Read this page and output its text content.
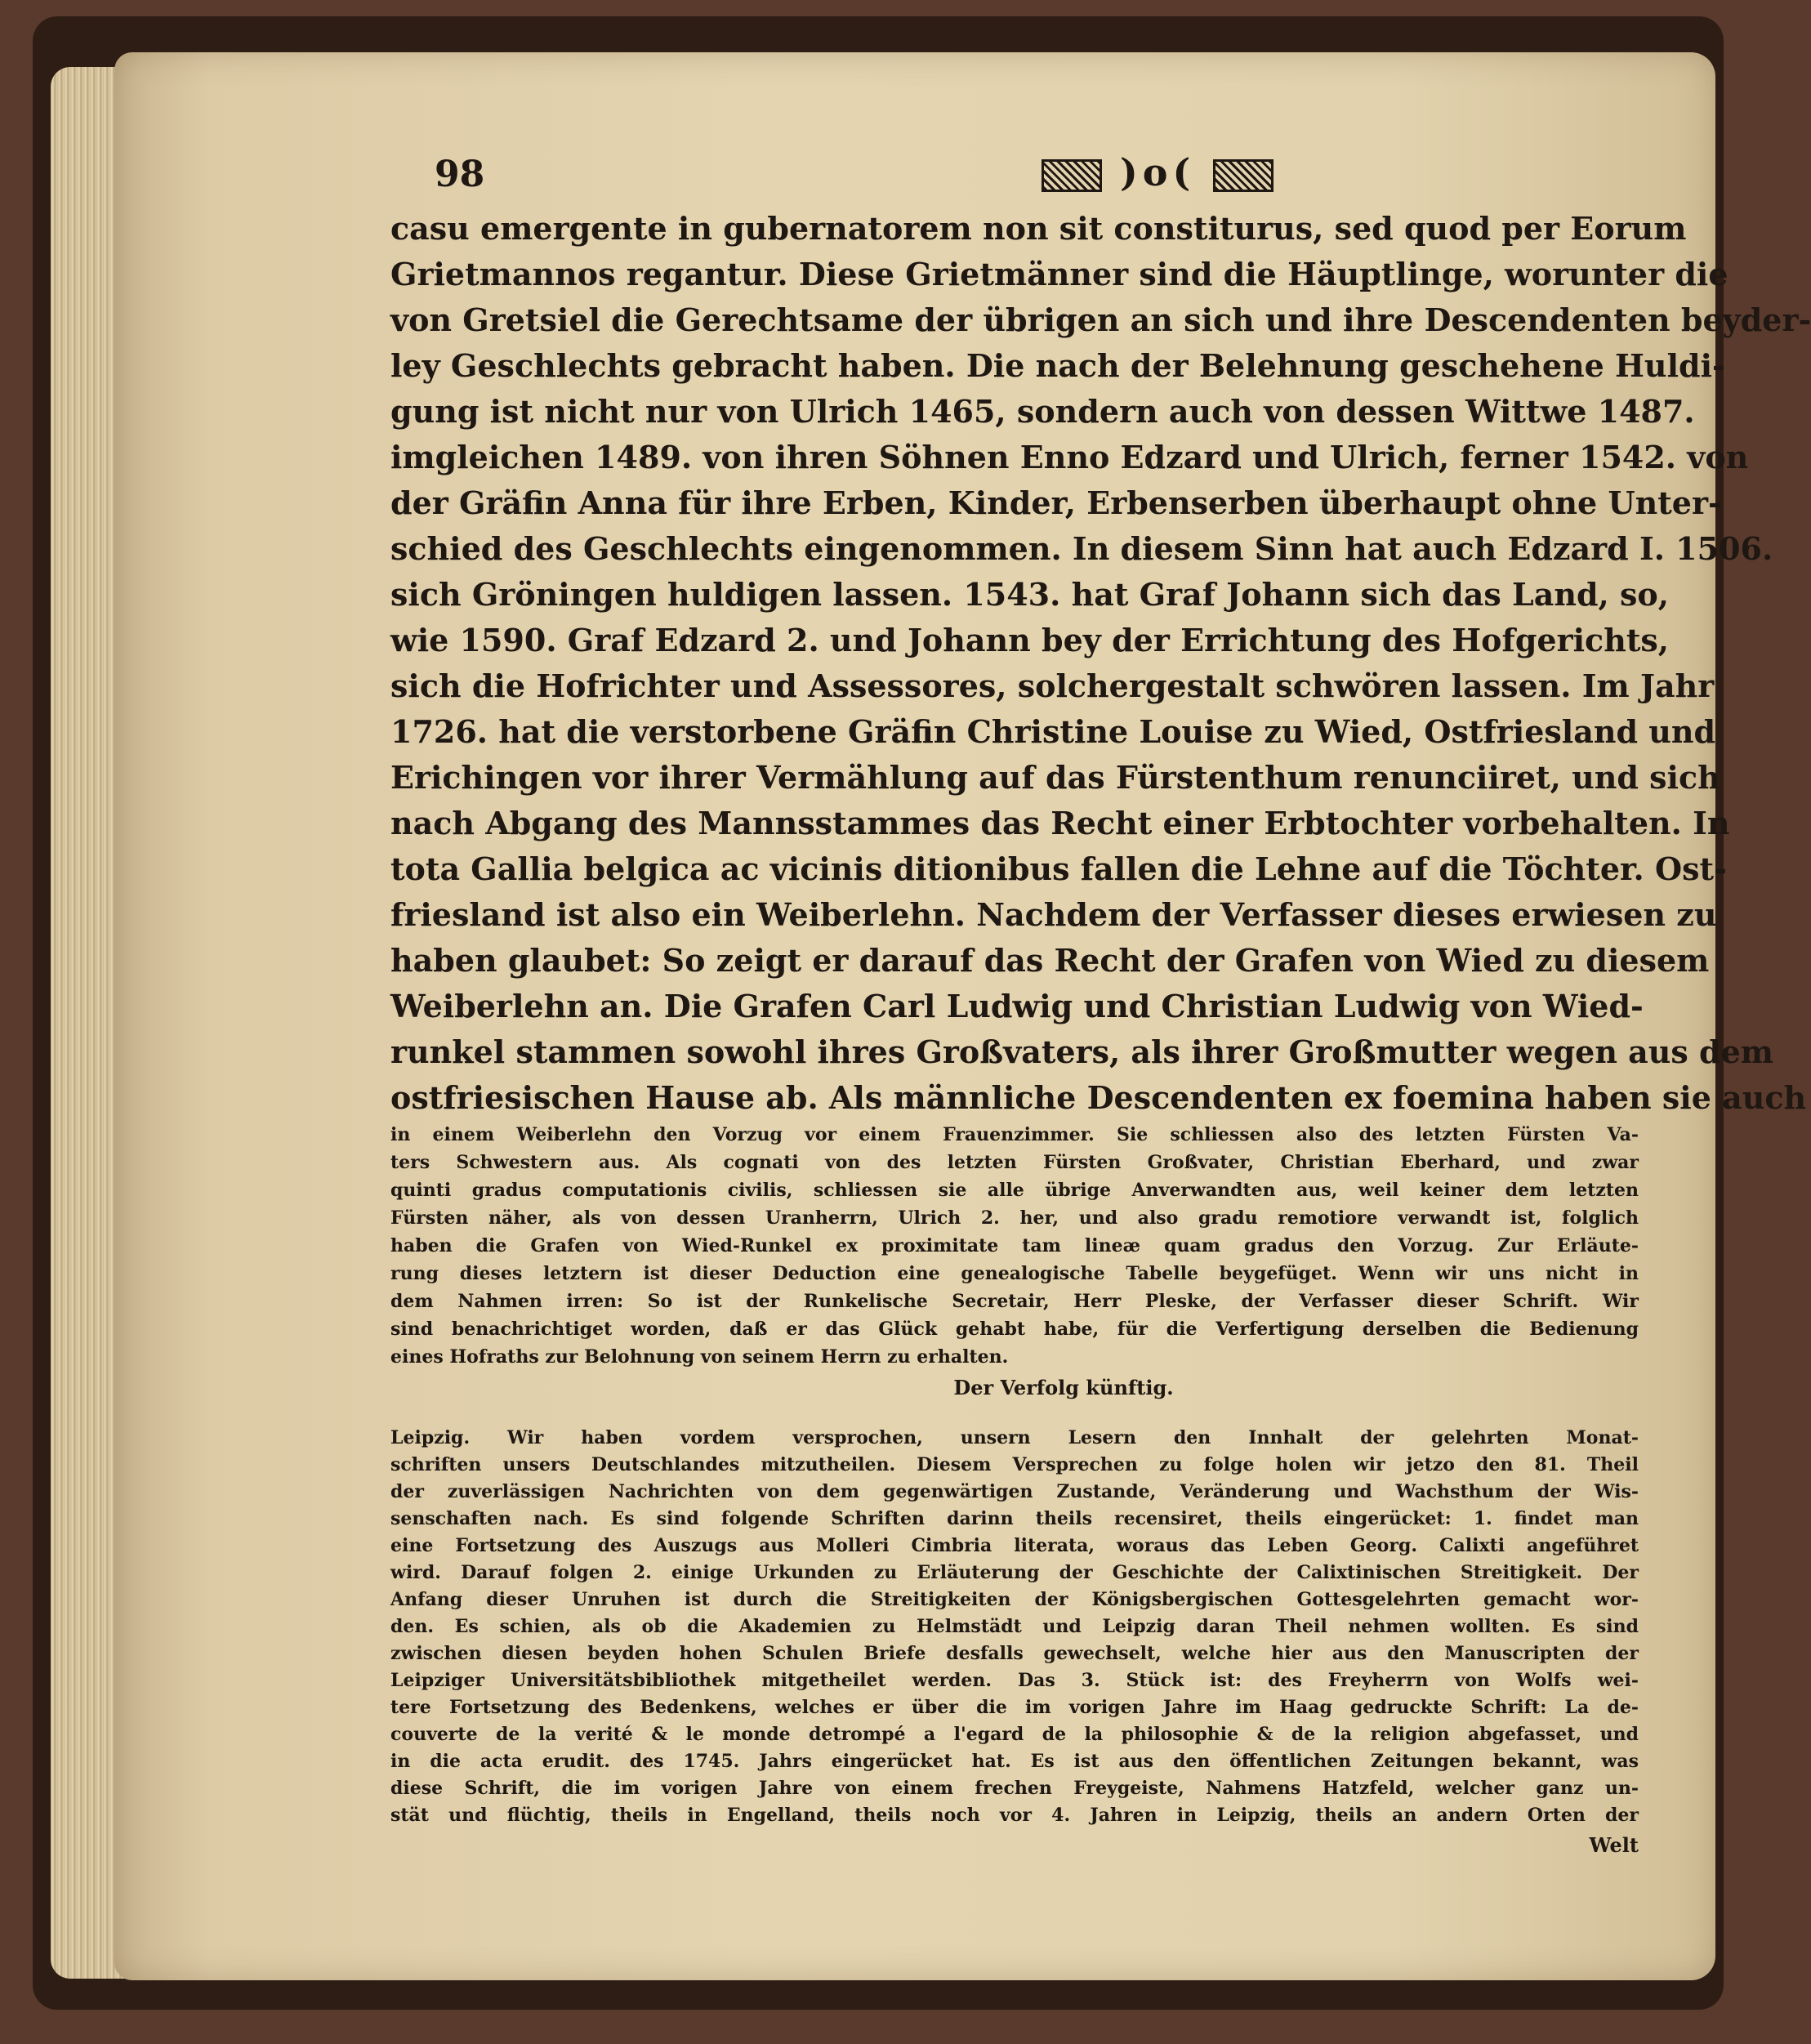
98	)o(
casu emergente in gubernatorem non sit constiturus, sed quod per Eorum
Grietmannos regantur. Diese Grietmänner sind die Häuptlinge, worunter die
von Gretsiel die Gerechtsame der übrigen an sich und ihre Descendenten beyder-
ley Geschlechts gebracht haben. Die nach der Belehnung geschehene Huldi-
gung ist nicht nur von Ulrich 1465, sondern auch von dessen Wittwe 1487.
imgleichen 1489. von ihren Söhnen Enno Edzard und Ulrich, ferner 1542. von
der Gräfin Anna für ihre Erben, Kinder, Erbenserben überhaupt ohne Unter-
schied des Geschlechts eingenommen. In diesem Sinn hat auch Edzard I. 1506.
sich Gröningen huldigen lassen. 1543. hat Graf Johann sich das Land, so,
wie 1590. Graf Edzard 2. und Johann bey der Errichtung des Hofgerichts,
sich die Hofrichter und Assessores, solchergestalt schwören lassen. Im Jahr
1726. hat die verstorbene Gräfin Christine Louise zu Wied, Ostfriesland und
Erichingen vor ihrer Vermählung auf das Fürstenthum renunciiret, und sich
nach Abgang des Mannsstammes das Recht einer Erbtochter vorbehalten. In
tota Gallia belgica ac vicinis ditionibus fallen die Lehne auf die Töchter. Ost-
friesland ist also ein Weiberlehn. Nachdem der Verfasser dieses erwiesen zu
haben glaubet: So zeigt er darauf das Recht der Grafen von Wied zu diesem
Weiberlehn an. Die Grafen Carl Ludwig und Christian Ludwig von Wied-
runkel stammen sowohl ihres Großvaters, als ihrer Großmutter wegen aus dem
ostfriesischen Hause ab. Als männliche Descendenten ex foemina haben sie auch
in einem Weiberlehn den Vorzug vor einem Frauenzimmer. Sie schliessen also des letzten Fürsten Va-
ters Schwestern aus. Als cognati von des letzten Fürsten Großvater, Christian Eberhard, und zwar
quinti gradus computationis civilis, schliessen sie alle übrige Anverwandten aus, weil keiner dem letzten
Fürsten näher, als von dessen Uranherrn, Ulrich 2. her, und also gradu remotiore verwandt ist, folglich
haben die Grafen von Wied-Runkel ex proximitate tam lineæ quam gradus den Vorzug. Zur Erläute-
rung dieses letztern ist dieser Deduction eine genealogische Tabelle beygefüget. Wenn wir uns nicht in
dem Nahmen irren: So ist der Runkelische Secretair, Herr Pleske, der Verfasser dieser Schrift. Wir
sind benachrichtiget worden, daß er das Glück gehabt habe, für die Verfertigung derselben die Bedienung
eines Hofraths zur Belohnung von seinem Herrn zu erhalten.
Der Verfolg künftig.
Leipzig. Wir haben vordem versprochen, unsern Lesern den Innhalt der gelehrten Monat-
schriften unsers Deutschlandes mitzutheilen. Diesem Versprechen zu folge holen wir jetzo den 81. Theil
der zuverlässigen Nachrichten von dem gegenwärtigen Zustande, Veränderung und Wachsthum der Wis-
senschaften nach. Es sind folgende Schriften darinn theils recensiret, theils eingerücket: 1. findet man
eine Fortsetzung des Auszugs aus Molleri Cimbria literata, woraus das Leben Georg. Calixti angeführet
wird. Darauf folgen 2. einige Urkunden zu Erläuterung der Geschichte der Calixtinischen Streitigkeit. Der
Anfang dieser Unruhen ist durch die Streitigkeiten der Königsbergischen Gottesgelehrten gemacht wor-
den. Es schien, als ob die Akademien zu Helmstädt und Leipzig daran Theil nehmen wollten. Es sind
zwischen diesen beyden hohen Schulen Briefe desfalls gewechselt, welche hier aus den Manuscripten der
Leipziger Universitätsbibliothek mitgetheilet werden. Das 3. Stück ist: des Freyherrn von Wolfs wei-
tere Fortsetzung des Bedenkens, welches er über die im vorigen Jahre im Haag gedruckte Schrift: La de-
couverte de la verité & le monde detrompé a l'egard de la philosophie & de la religion abgefasset, und
in die acta erudit. des 1745. Jahrs eingerücket hat. Es ist aus den öffentlichen Zeitungen bekannt, was
diese Schrift, die im vorigen Jahre von einem frechen Freygeiste, Nahmens Hatzfeld, welcher ganz un-
stät und flüchtig, theils in Engelland, theils noch vor 4. Jahren in Leipzig, theils an andern Orten der
Welt
